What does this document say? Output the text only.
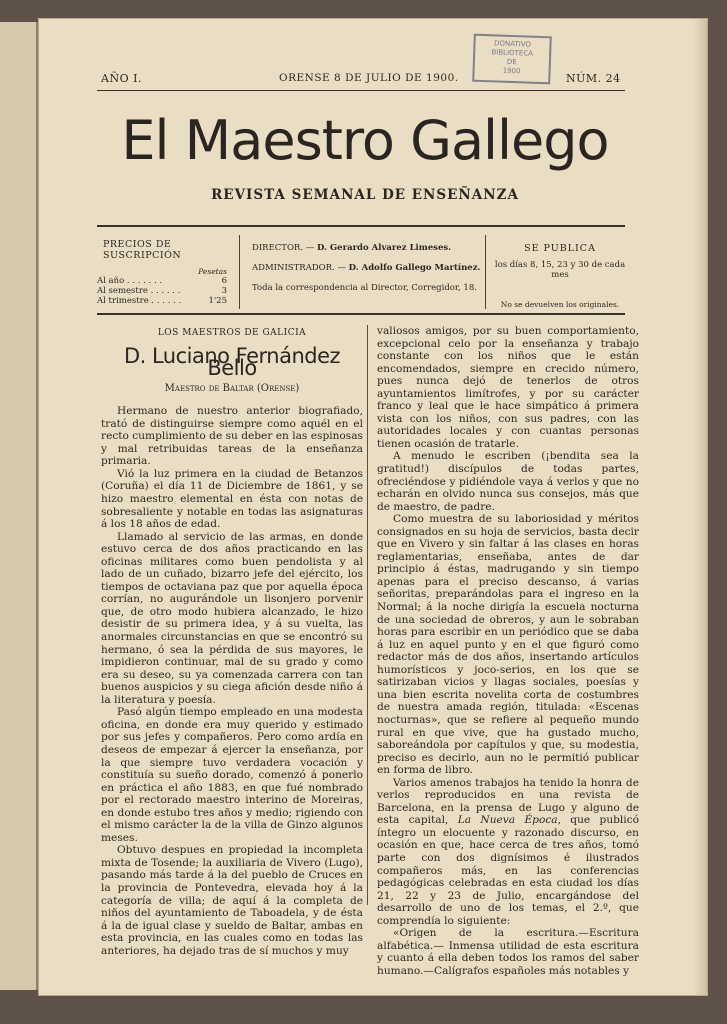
AÑO I.	ORENSE 8 DE JULIO DE 1900.	NÚM. 24
DONATIVO
BIBLIOTECA
DE
1900
El Maestro Gallego
REVISTA SEMANAL DE ENSEÑANZA
PRECIOS DE SUSCRIPCIÓN
Pesetas
Al año . . . . . . .	6
Al semestre . . . . . .	3
Al trimestre . . . . . .	1'25
DIRECTOR. — D. Gerardo Alvarez Limeses.
ADMINISTRADOR. — D. Adolfo Gallego Martínez.
Toda la correspondencia al Director, Corregidor, 18.
SE PUBLICA
los días 8, 15, 23 y 30 de cada mes
No se devuelven los originales.
LOS MAESTROS DE GALICIA
D. Luciano Fernández Bello
Maestro de Baltar (Orense)

Hermano de nuestro anterior biografiado, trató de distinguirse siempre como aquél en el recto cumplimiento de su deber en las espinosas y mal retribuidas tareas de la enseñanza primaria.

Vió la luz primera en la ciudad de Betanzos (Coruña) el día 11 de Diciembre de 1861, y se hizo maestro elemental en ésta con notas de sobresaliente y notable en todas las asignaturas á los 18 años de edad.

Llamado al servicio de las armas, en donde estuvo cerca de dos años practicando en las oficinas militares como buen pendolista y al lado de un cuñado, bizarro jefe del ejército, los tiempos de octaviana paz que por aquella época corrían, no augurándole un lisonjero porvenir que, de otro modo hubiera alcanzado, le hizo desistir de su primera idea, y á su vuelta, las anormales circunstancias en que se encontró su hermano, ó sea la pérdida de sus mayores, le impidieron continuar, mal de su grado y como era su deseo, su ya comenzada carrera con tan buenos auspicios y su ciega afición desde niño á la literatura y poesía.

Pasó algún tiempo empleado en una modesta oficina, en donde era muy querido y estimado por sus jefes y compañeros. Pero como ardía en deseos de empezar á ejercer la enseñanza, por la que siempre tuvo verdadera vocación y constituía su sueño dorado, comenzó á ponerlo en práctica el año 1883, en que fué nombrado por el rectorado maestro interino de Moreiras, en donde estubo tres años y medio; rigiendo con el mismo carácter la de la villa de Ginzo algunos meses.

Obtuvo despues en propiedad la incompleta mixta de Tosende; la auxiliaria de Vivero (Lugo), pasando más tarde á la del pueblo de Cruces en la provincia de Pontevedra, elevada hoy á la categoría de villa; de aquí á la completa de niños del ayuntamiento de Taboadela, y de ésta á la de igual clase y sueldo de Baltar, ambas en esta provincia, en las cuales como en todas las anteriores, ha dejado tras de sí muchos y muy

valiosos amigos, por su buen comportamiento, excepcional celo por la enseñanza y trabajo constante con los niños que le están encomendados, siempre en crecido número, pues nunca dejó de tenerlos de otros ayuntamientos limítrofes, y por su carácter franco y leal que le hace simpático á primera vista con los niños, con sus padres, con las autoridades locales y con cuantas personas tienen ocasión de tratarle.

A menudo le escriben (¡bendita sea la gratitud!) discípulos de todas partes, ofreciéndose y pidiéndole vaya á verlos y que no echarán en olvido nunca sus consejos, más que de maestro, de padre.

Como muestra de su laboriosidad y méritos consignados en su hoja de servicios, basta decir que en Vivero y sin faltar á las clases en horas reglamentarias, enseñaba, antes de dar principio á éstas, madrugando y sin tiempo apenas para el preciso descanso, á varias señoritas, preparándolas para el ingreso en la Normal; á la noche dirigía la escuela nocturna de una sociedad de obreros, y aun le sobraban horas para escribir en un periódico que se daba á luz en aquel punto y en el que figuró como redactor más de dos años, insertando artículos humorísticos y joco-serios, en los que se satirizaban vicios y llagas sociales, poesías y una bien escrita novelita corta de costumbres de nuestra amada región, titulada: «Escenas nocturnas», que se refiere al pequeño mundo rural en que vive, que ha gustado mucho, saboreándola por capítulos y que, su modestia, preciso es decirlo, aun no le permitió publicar en forma de libro.

Varios amenos trabajos ha tenido la honra de verlos reproducidos en una revista de Barcelona, en la prensa de Lugo y alguno de esta capital, La Nueva Época, que publicó íntegro un elocuente y razonado discurso, en ocasión en que, hace cerca de tres años, tomó parte con dos dignísimos é ilustrados compañeros más, en las conferencias pedagógicas celebradas en esta ciudad los días 21, 22 y 23 de Julio, encargándose del desarrollo de uno de los temas, el 2.º, que comprendía lo siguiente:

«Origen de la escritura.—Escritura alfabética.— Inmensa utilidad de esta escritura y cuanto á ella deben todos los ramos del saber humano.—Calígrafos españoles más notables y
